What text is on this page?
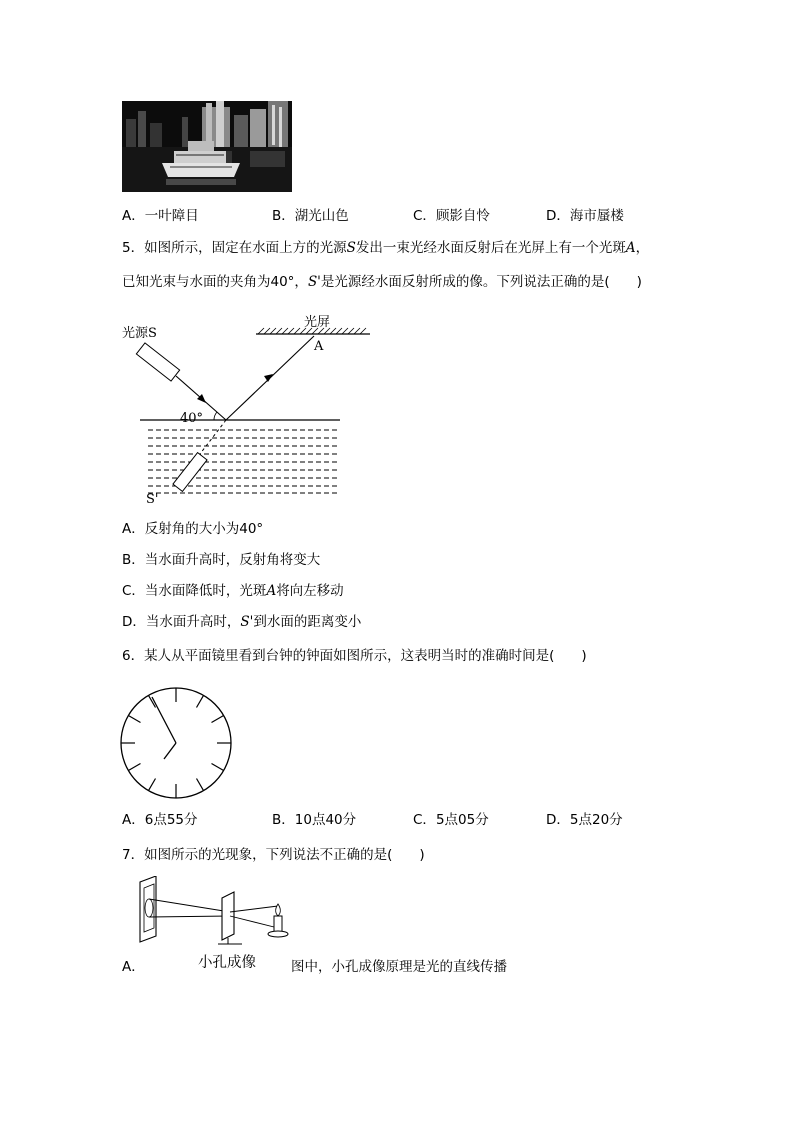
A．一叶障目	B．湖光山色	C．顾影自怜	D．海市蜃楼
5．如图所示，固定在水面上方的光源S发出一束光经水面反射后在光屏上有一个光斑A，
已知光束与水面的夹角为40°，S'是光源经水面反射所成的像。下列说法正确的是(　　)
光屏
A
光源S
40°
S'
A．反射角的大小为40°
B．当水面升高时，反射角将变大
C．当水面降低时，光斑A将向左移动
D．当水面升高时，S'到水面的距离变小
6．某人从平面镜里看到台钟的钟面如图所示，这表明当时的准确时间是(　　)
A．6点55分	B．10点40分	C．5点05分	D．5点20分
7．如图所示的光现象，下列说法不正确的是(　　)
A．	小孔成像	图中，小孔成像原理是光的直线传播
